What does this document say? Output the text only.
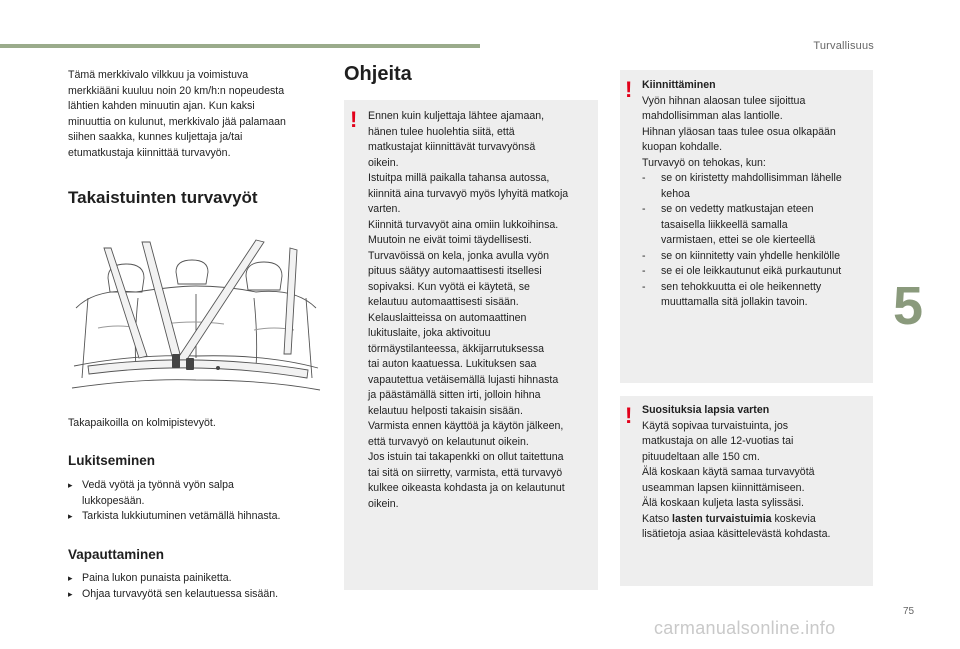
Turvallisuus
5
75
carmanualsonline.info

Tämä merkkivalo vilkkuu ja voimistuva

merkkiääni kuuluu noin 20 km/h:n nopeudesta

lähtien kahden minuutin ajan. Kun kaksi

minuuttia on kulunut, merkkivalo jää palamaan

siihen saakka, kunnes kuljettaja ja/tai

etumatkustaja kiinnittää turvavyön.

Takaistuinten turvavyöt

Takapaikoilla on kolmipistevyöt.

Lukitseminen
▸ Vedä vyötä ja työnnä vyön salpa
lukkopesään.
▸ Tarkista lukkiutuminen vetämällä hihnasta.
Vapauttaminen
▸ Paina lukon punaista painiketta.
▸ Ohjaa turvavyötä sen kelautuessa sisään.
Ohjeita
! Ennen kuin kuljettaja lähtee ajamaan,

hänen tulee huolehtia siitä, että

matkustajat kiinnittävät turvavyönsä

oikein.

Istuitpa millä paikalla tahansa autossa,

kiinnitä aina turvavyö myös lyhyitä matkoja

varten.

Kiinnitä turvavyöt aina omiin lukkoihinsa.

Muutoin ne eivät toimi täydellisesti.

Turvavöissä on kela, jonka avulla vyön

pituus säätyy automaattisesti itsellesi

sopivaksi. Kun vyötä ei käytetä, se

kelautuu automaattisesti sisään.

Kelauslaitteissa on automaattinen

lukituslaite, joka aktivoituu

törmäystilanteessa, äkkijarrutuksessa

tai auton kaatuessa. Lukituksen saa

vapautettua vetäisemällä lujasti hihnasta

ja päästämällä sitten irti, jolloin hihna

kelautuu helposti takaisin sisään.

Varmista ennen käyttöä ja käytön jälkeen,

että turvavyö on kelautunut oikein.

Jos istuin tai takapenkki on ollut taitettuna

tai sitä on siirretty, varmista, että turvavyö

kulkee oikeasta kohdasta ja on kelautunut

oikein.

! Kiinnittäminen

Vyön hihnan alaosan tulee sijoittua

mahdollisimman alas lantiolle.

Hihnan yläosan taas tulee osua olkapään

kuopan kohdalle.

Turvavyö on tehokas, kun:

-	se on kiristetty mahdollisimman lähelle
kehoa
-	se on vedetty matkustajan eteen
tasaisella liikkeellä samalla
varmistaen, ettei se ole kierteellä
-	se on kiinnitetty vain yhdelle henkilölle
-	se ei ole leikkautunut eikä purkautunut
-	sen tehokkuutta ei ole heikennetty
muuttamalla sitä jollakin tavoin.
! Suosituksia lapsia varten

Käytä sopivaa turvaistuinta, jos

matkustaja on alle 12-vuotias tai

pituudeltaan alle 150 cm.

Älä koskaan käytä samaa turvavyötä

useamman lapsen kiinnittämiseen.

Älä koskaan kuljeta lasta sylissäsi.

Katso lasten turvaistuimia koskevia

lisätietoja asiaa käsittelevästä kohdasta.
